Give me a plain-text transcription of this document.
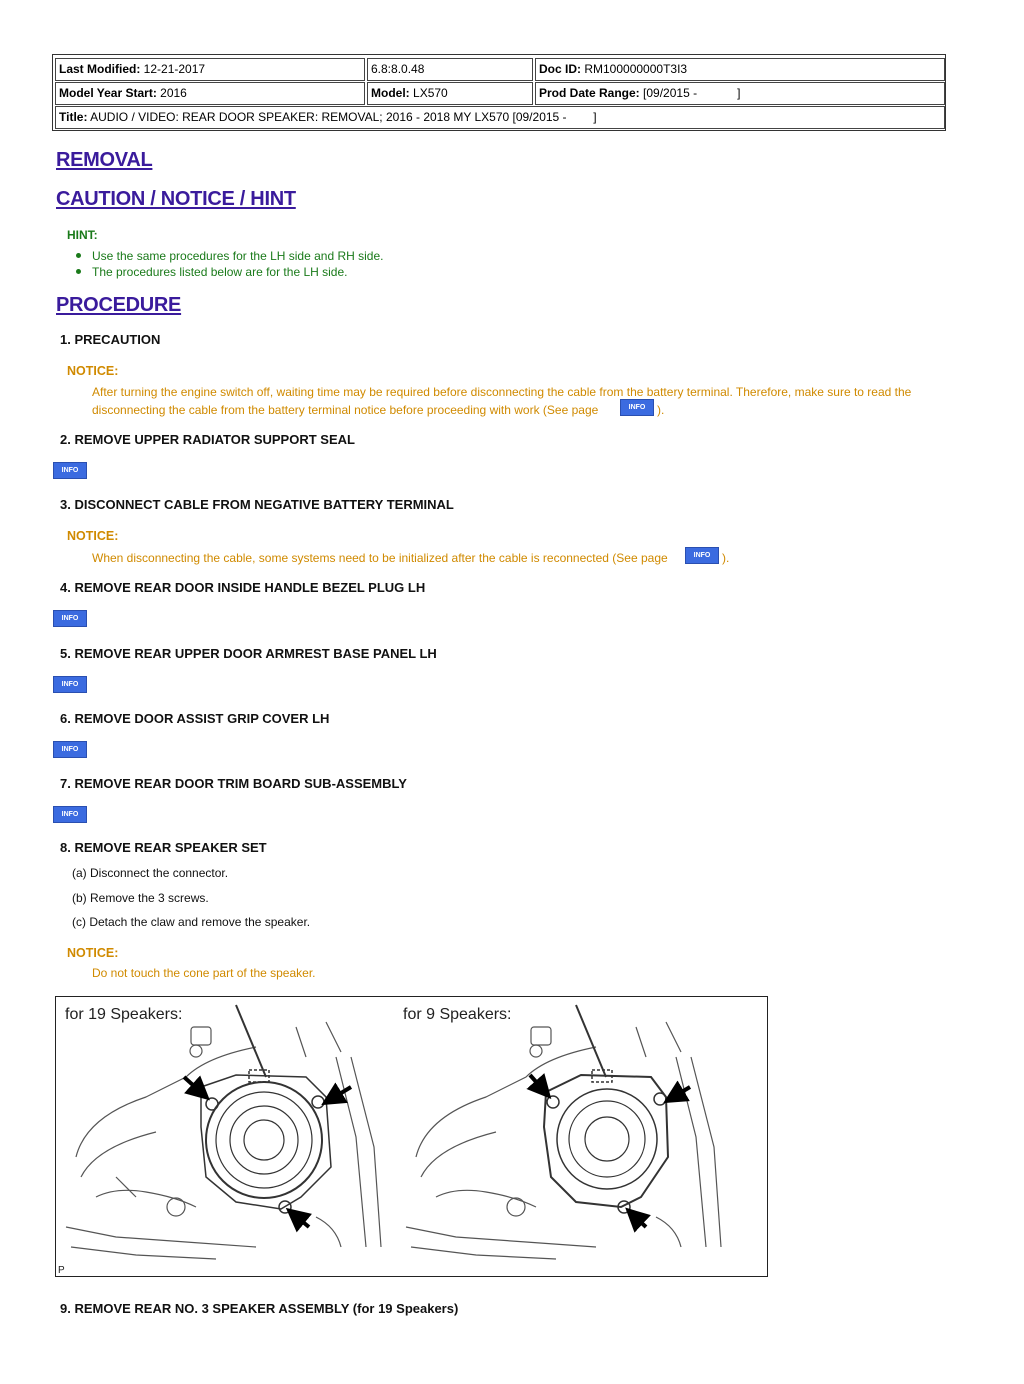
Last Modified: 12-21-2017	6.8:8.0.48	Doc ID: RM100000000T3I3
Model Year Start: 2016	Model: LX570	Prod Date Range: [09/2015 -            ]
Title: AUDIO / VIDEO: REAR DOOR SPEAKER: REMOVAL; 2016 - 2018 MY LX570 [09/2015 -        ]
REMOVAL
CAUTION / NOTICE / HINT
HINT:
Use the same procedures for the LH side and RH side.
The procedures listed below are for the LH side.
PROCEDURE
1. PRECAUTION
NOTICE:
After turning the engine switch off, waiting time may be required before disconnecting the cable from the battery terminal. Therefore, make sure to read the
disconnecting the cable from the battery terminal notice before proceeding with work (See page	INFO ).
2. REMOVE UPPER RADIATOR SUPPORT SEAL
INFO
3. DISCONNECT CABLE FROM NEGATIVE BATTERY TERMINAL
NOTICE:
When disconnecting the cable, some systems need to be initialized after the cable is reconnected (See page	INFO ).
4. REMOVE REAR DOOR INSIDE HANDLE BEZEL PLUG LH
INFO
5. REMOVE REAR UPPER DOOR ARMREST BASE PANEL LH
INFO
6. REMOVE DOOR ASSIST GRIP COVER LH
INFO
7. REMOVE REAR DOOR TRIM BOARD SUB-ASSEMBLY
INFO
8. REMOVE REAR SPEAKER SET
(a) Disconnect the connector.
(b) Remove the 3 screws.
(c) Detach the claw and remove the speaker.
NOTICE:
Do not touch the cone part of the speaker.
for 19 Speakers:	for 9 Speakers:
P
9. REMOVE REAR NO. 3 SPEAKER ASSEMBLY (for 19 Speakers)
